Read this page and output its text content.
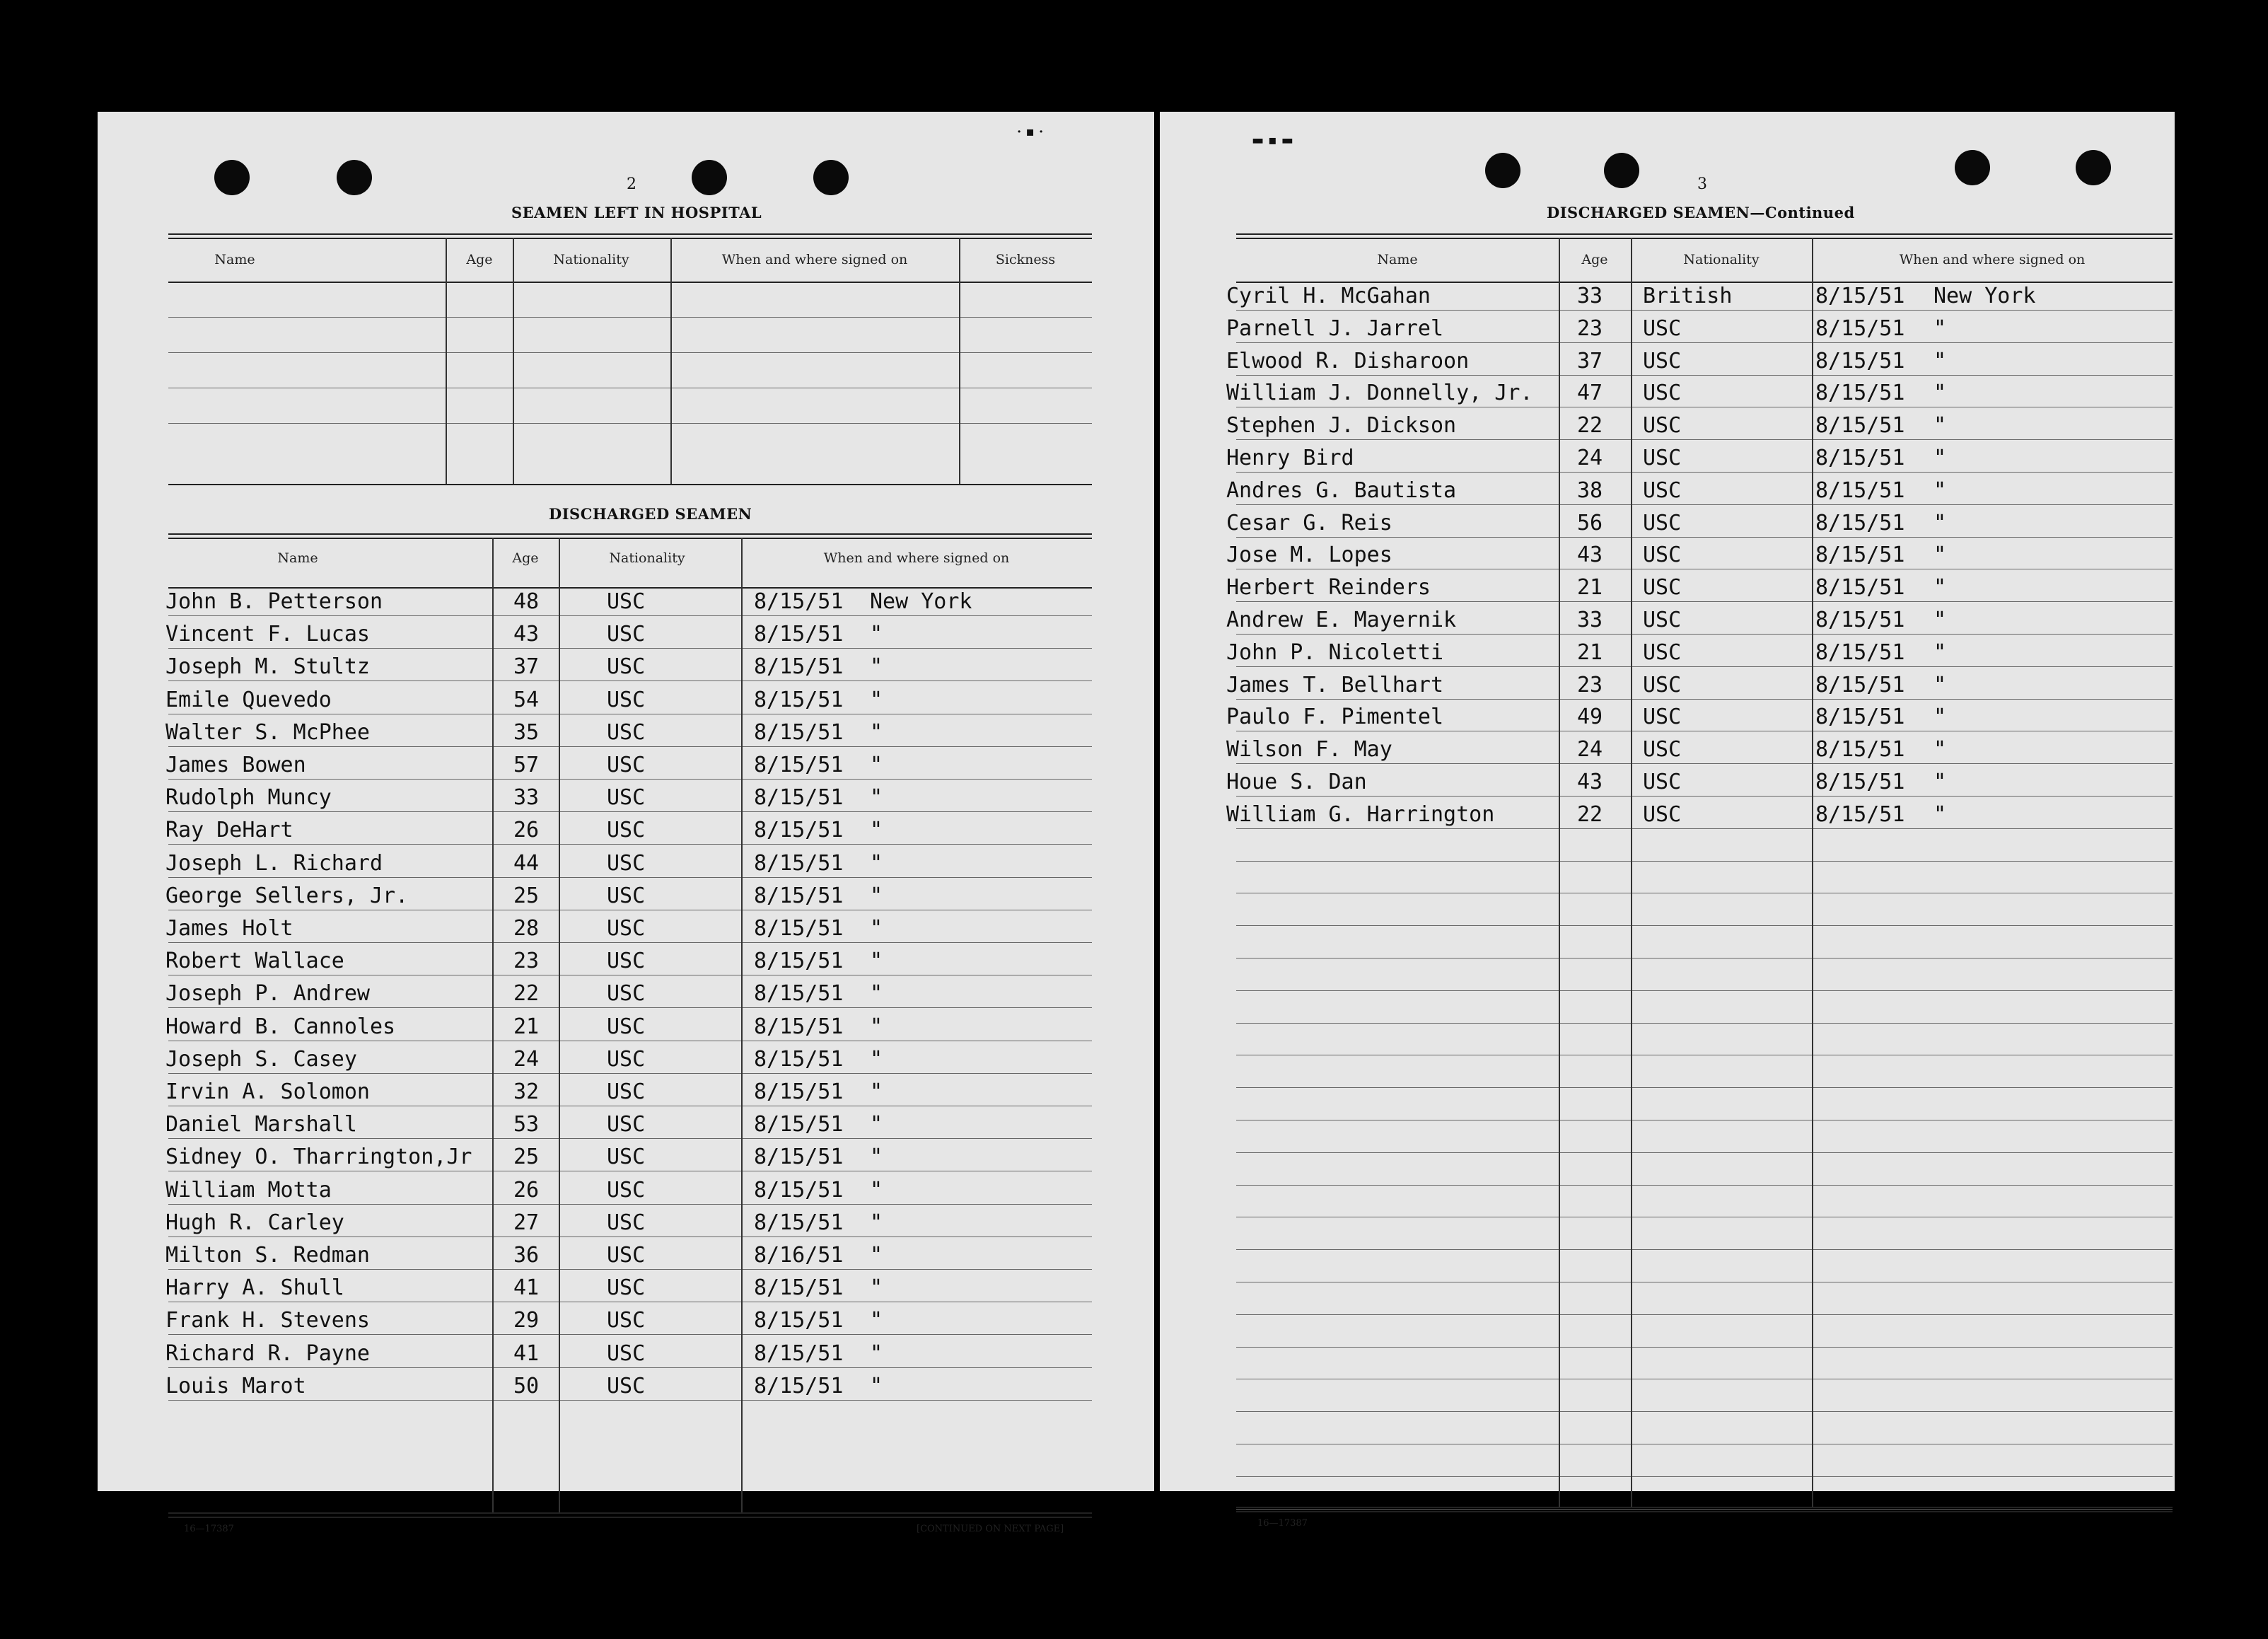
· ▪ ·
2
SEAMEN LEFT IN HOSPITAL
Name	Age	Nationality	When and where signed on	Sickness
DISCHARGED SEAMEN
Name	Age	Nationality	When and where signed on
John B. Petterson	48	USC	8/15/51 New York
Vincent F. Lucas	43	USC	8/15/51 "
Joseph M. Stultz	37	USC	8/15/51 "
Emile Quevedo	54	USC	8/15/51 "
Walter S. McPhee	35	USC	8/15/51 "
James Bowen	57	USC	8/15/51 "
Rudolph Muncy	33	USC	8/15/51 "
Ray DeHart	26	USC	8/15/51 "
Joseph L. Richard	44	USC	8/15/51 "
George Sellers, Jr.	25	USC	8/15/51 "
James Holt	28	USC	8/15/51 "
Robert Wallace	23	USC	8/15/51 "
Joseph P. Andrew	22	USC	8/15/51 "
Howard B. Cannoles	21	USC	8/15/51 "
Joseph S. Casey	24	USC	8/15/51 "
Irvin A. Solomon	32	USC	8/15/51 "
Daniel Marshall	53	USC	8/15/51 "
Sidney O. Tharrington,Jr 25	USC	8/15/51 "
William Motta	26	USC	8/15/51 "
Hugh R. Carley	27	USC	8/15/51 "
Milton S. Redman	36	USC	8/16/51 "
Harry A. Shull	41	USC	8/15/51 "
Frank H. Stevens	29	USC	8/15/51 "
Richard R. Payne	41	USC	8/15/51 "
Louis Marot	50	USC	8/15/51 "
16—17387	[CONTINUED ON NEXT PAGE]
▬ ▪ ▬
3
DISCHARGED SEAMEN—Continued
Name	Age	Nationality	When and where signed on
Cyril H. McGahan	33 British	8/15/51 New York
Parnell J. Jarrel	23 USC	8/15/51 "
Elwood R. Disharoon	37 USC	8/15/51 "
William J. Donnelly, Jr. 47 USC	8/15/51 "
Stephen J. Dickson	22 USC	8/15/51 "
Henry Bird	24 USC	8/15/51 "
Andres G. Bautista	38 USC	8/15/51 "
Cesar G. Reis	56 USC	8/15/51 "
Jose M. Lopes	43 USC	8/15/51 "
Herbert Reinders	21 USC	8/15/51 "
Andrew E. Mayernik	33 USC	8/15/51 "
John P. Nicoletti	21 USC	8/15/51 "
James T. Bellhart	23 USC	8/15/51 "
Paulo F. Pimentel	49 USC	8/15/51 "
Wilson F. May	24 USC	8/15/51 "
Houe S. Dan	43 USC	8/15/51 "
William G. Harrington	22 USC	8/15/51 "
16—17387
